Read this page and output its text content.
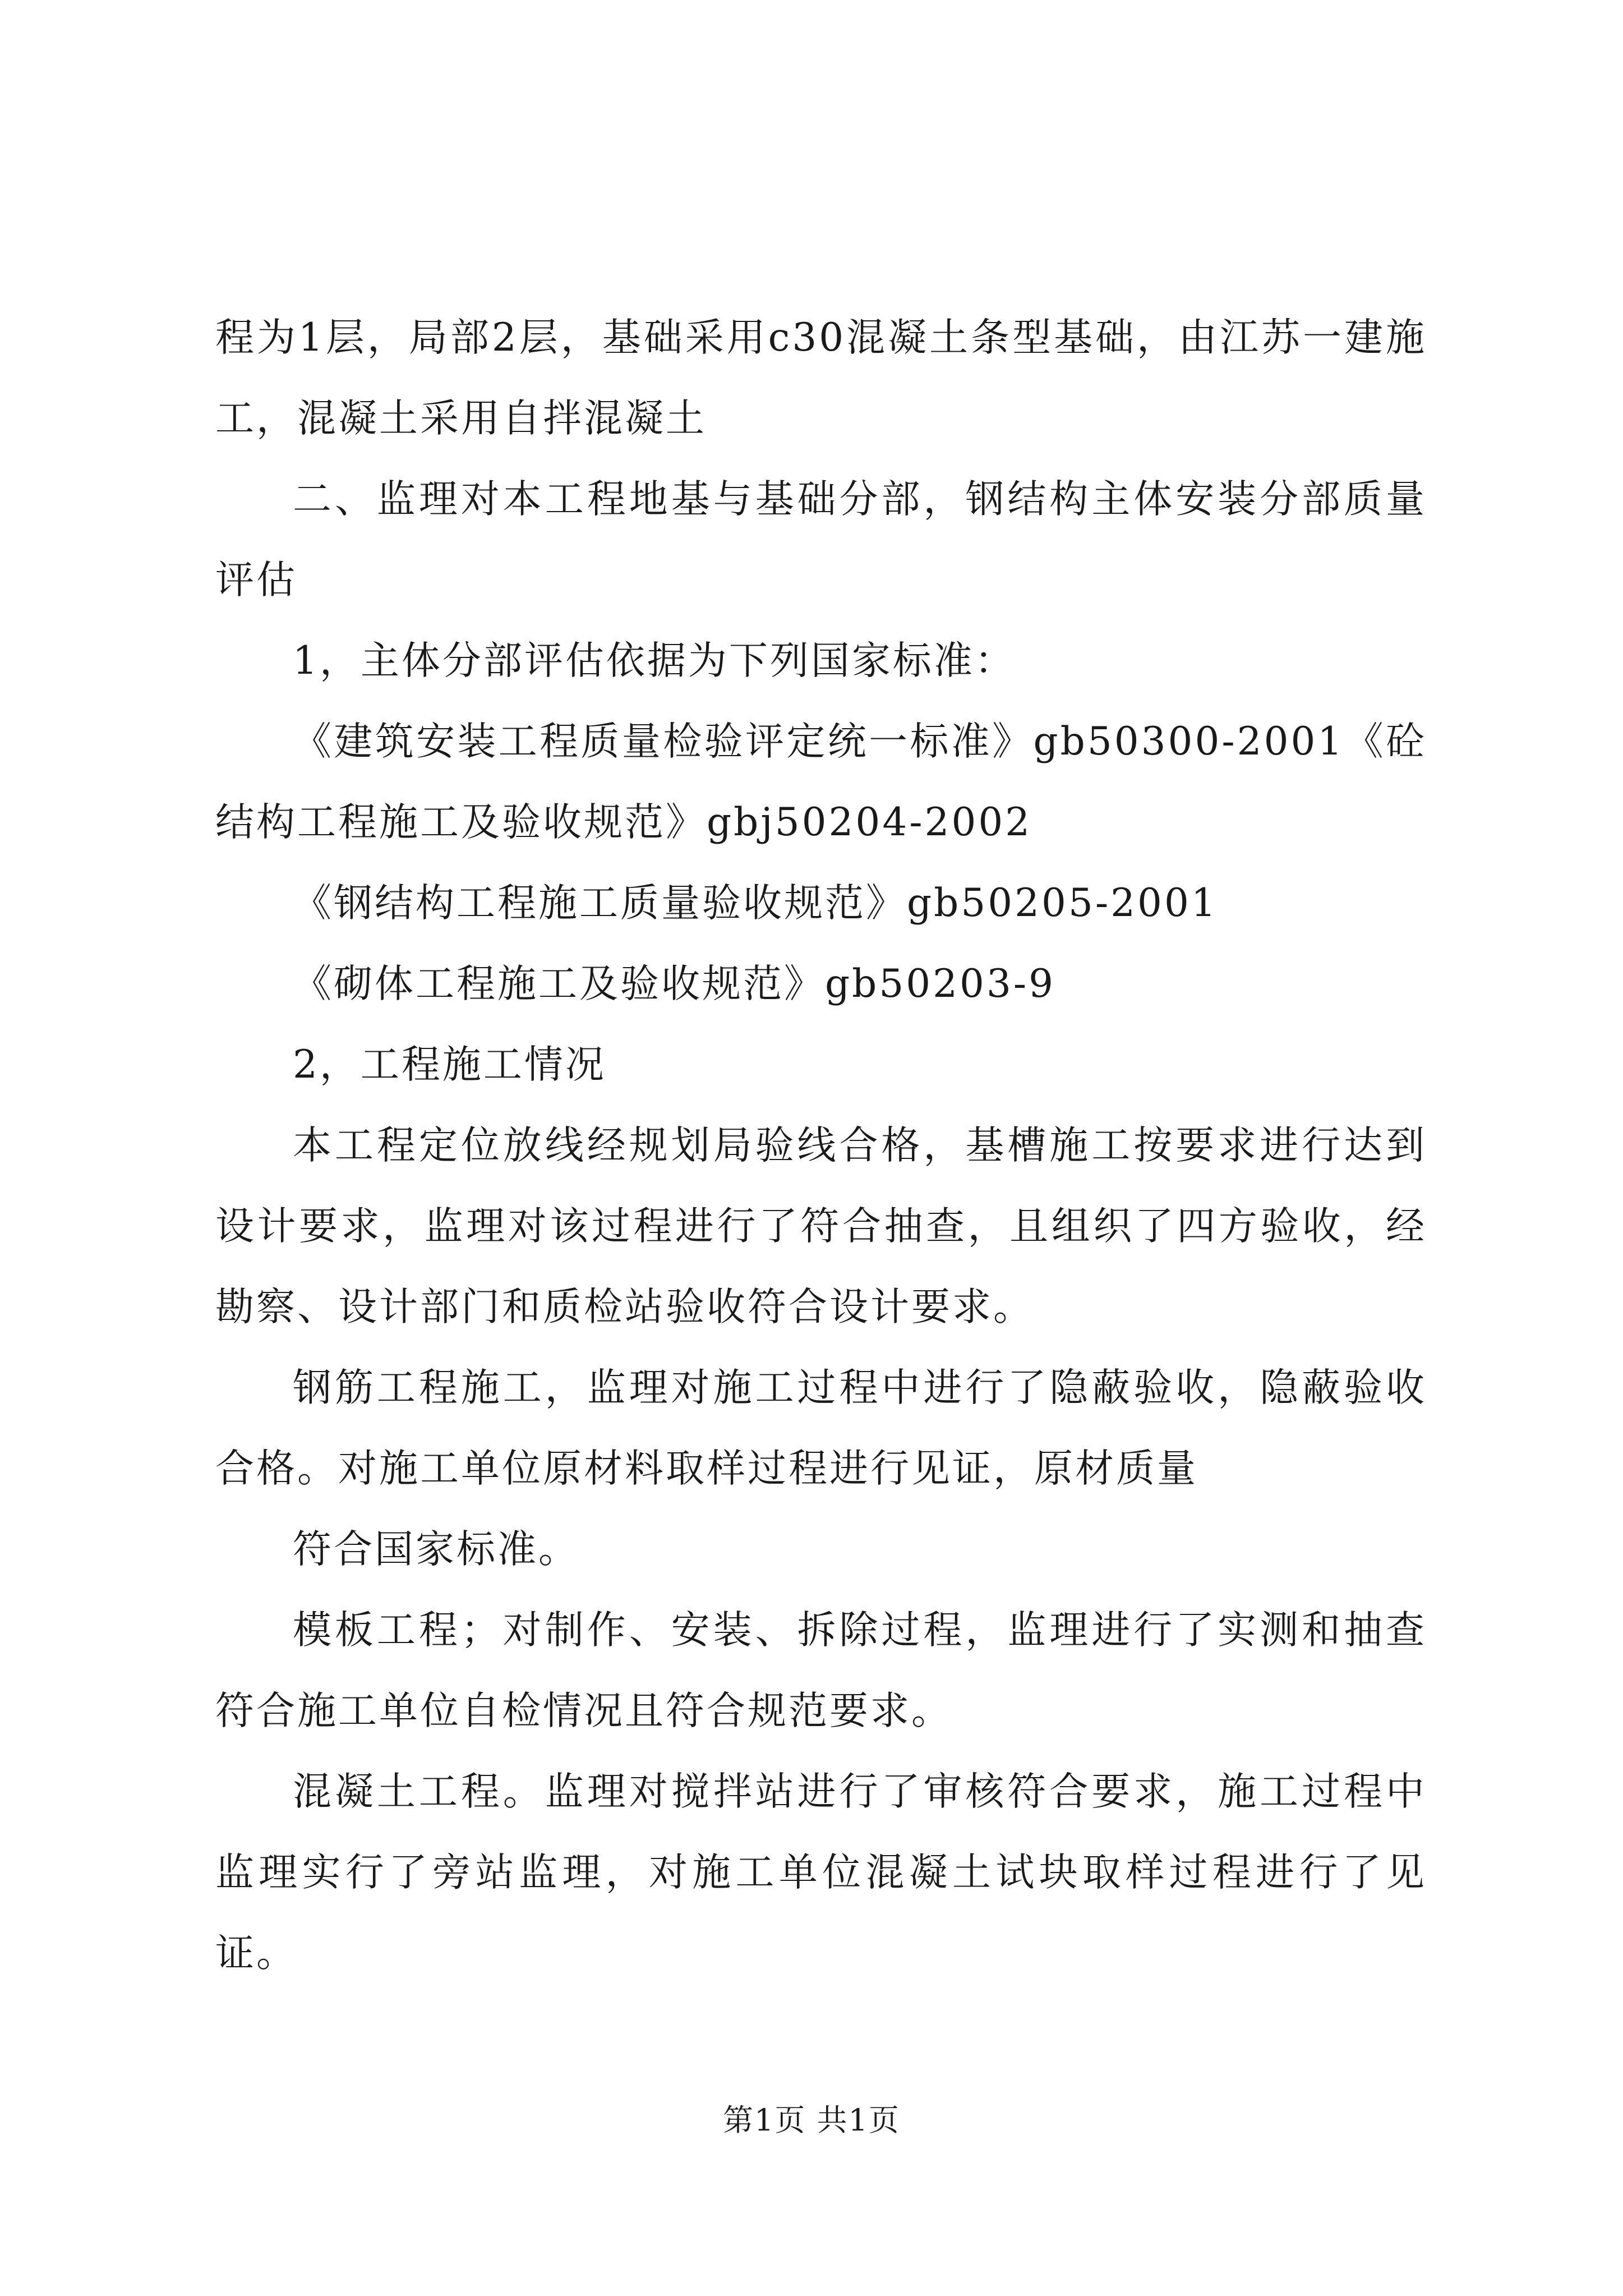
程为1层，局部2层，基础采用c30混凝土条型基础，由江苏一建施工，混凝土采用自拌混凝土

二、监理对本工程地基与基础分部，钢结构主体安装分部质量评估

1，主体分部评估依据为下列国家标准：

《建筑安装工程质量检验评定统一标准》gb50300-2001《砼结构工程施工及验收规范》gbj50204-2002

《钢结构工程施工质量验收规范》gb50205-2001

《砌体工程施工及验收规范》gb50203-9

2，工程施工情况

本工程定位放线经规划局验线合格，基槽施工按要求进行达到设计要求，监理对该过程进行了符合抽查，且组织了四方验收，经勘察、设计部门和质检站验收符合设计要求。

钢筋工程施工，监理对施工过程中进行了隐蔽验收，隐蔽验收合格。对施工单位原材料取样过程进行见证，原材质量

符合国家标准。

模板工程；对制作、安装、拆除过程，监理进行了实测和抽查符合施工单位自检情况且符合规范要求。

混凝土工程。监理对搅拌站进行了审核符合要求，施工过程中监理实行了旁站监理，对施工单位混凝土试块取样过程进行了见证。

第1页 共1页
